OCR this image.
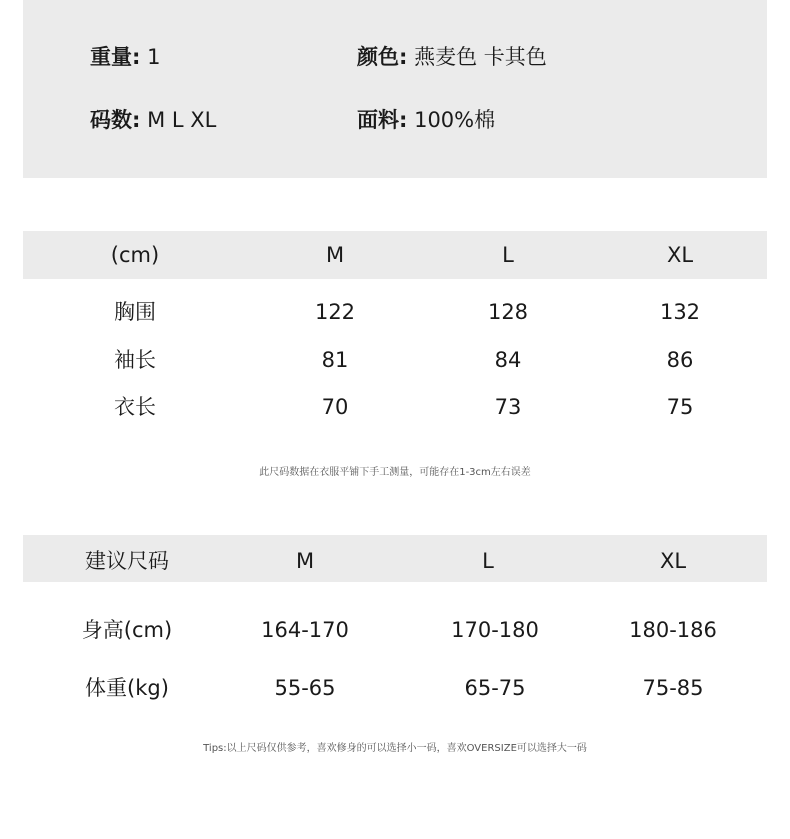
重量: 1	颜色: 燕麦色 卡其色
码数: M L XL	面料: 100%棉
(cm)	M	L	XL
胸围	122	128	132
袖长	81	84	86
衣长	70	73	75
此尺码数据在衣服平铺下手工测量，可能存在1-3cm左右误差
建议尺码	M	L	XL
身高(cm)	164-170	170-180	180-186
体重(kg)	55-65	65-75	75-85
Tips:以上尺码仅供参考，喜欢修身的可以选择小一码，喜欢OVERSIZE可以选择大一码
